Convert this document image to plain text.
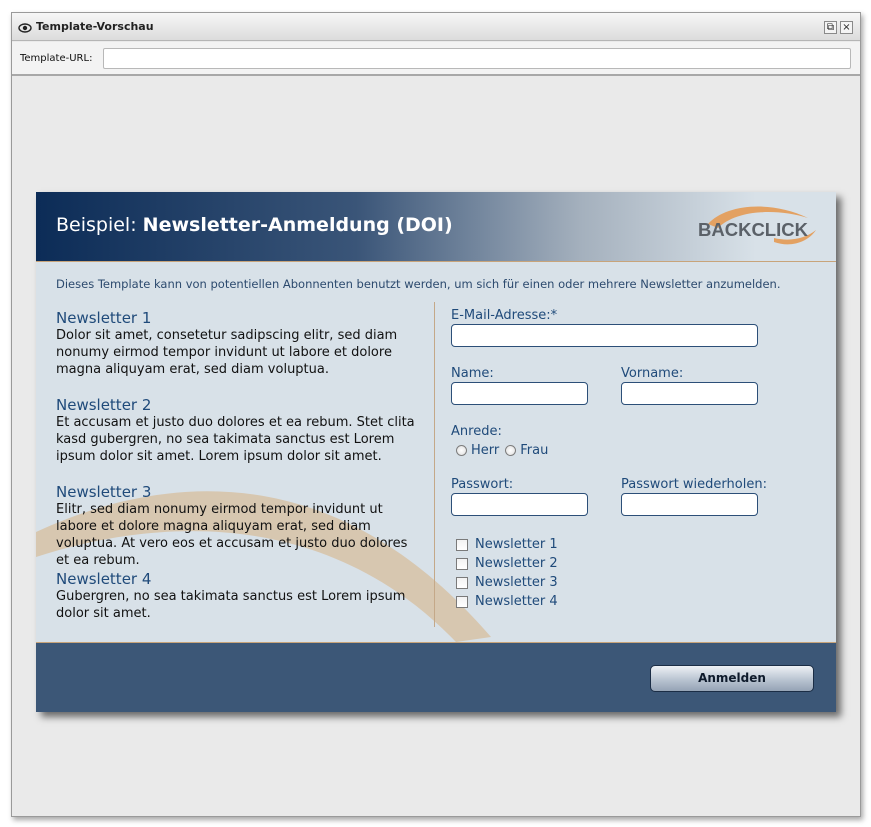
Template-Vorschau	⧉ ×
Template-URL:
Beispiel: Newsletter-Anmeldung (DOI)	BACKCLICK
Dieses Template kann von potentiellen Abonnenten benutzt werden, um sich für einen oder mehrere Newsletter anzumelden.
Newsletter 1
Dolor sit amet, consetetur sadipscing elitr, sed diam nonumy eirmod tempor invidunt ut labore et dolore magna aliquyam erat, sed diam voluptua.
Newsletter 2
Et accusam et justo duo dolores et ea rebum. Stet clita kasd gubergren, no sea takimata sanctus est Lorem ipsum dolor sit amet. Lorem ipsum dolor sit amet.
Newsletter 3
Elitr, sed diam nonumy eirmod tempor invidunt ut labore et dolore magna aliquyam erat, sed diam voluptua. At vero eos et accusam et justo duo dolores et ea rebum.
Newsletter 4
Gubergren, no sea takimata sanctus est Lorem ipsum dolor sit amet.
E-Mail-Adresse:*
Name:	Vorname:
Anrede:
Herr Frau
Passwort:	Passwort wiederholen:
Newsletter 1
Newsletter 2
Newsletter 3
Newsletter 4
Anmelden
